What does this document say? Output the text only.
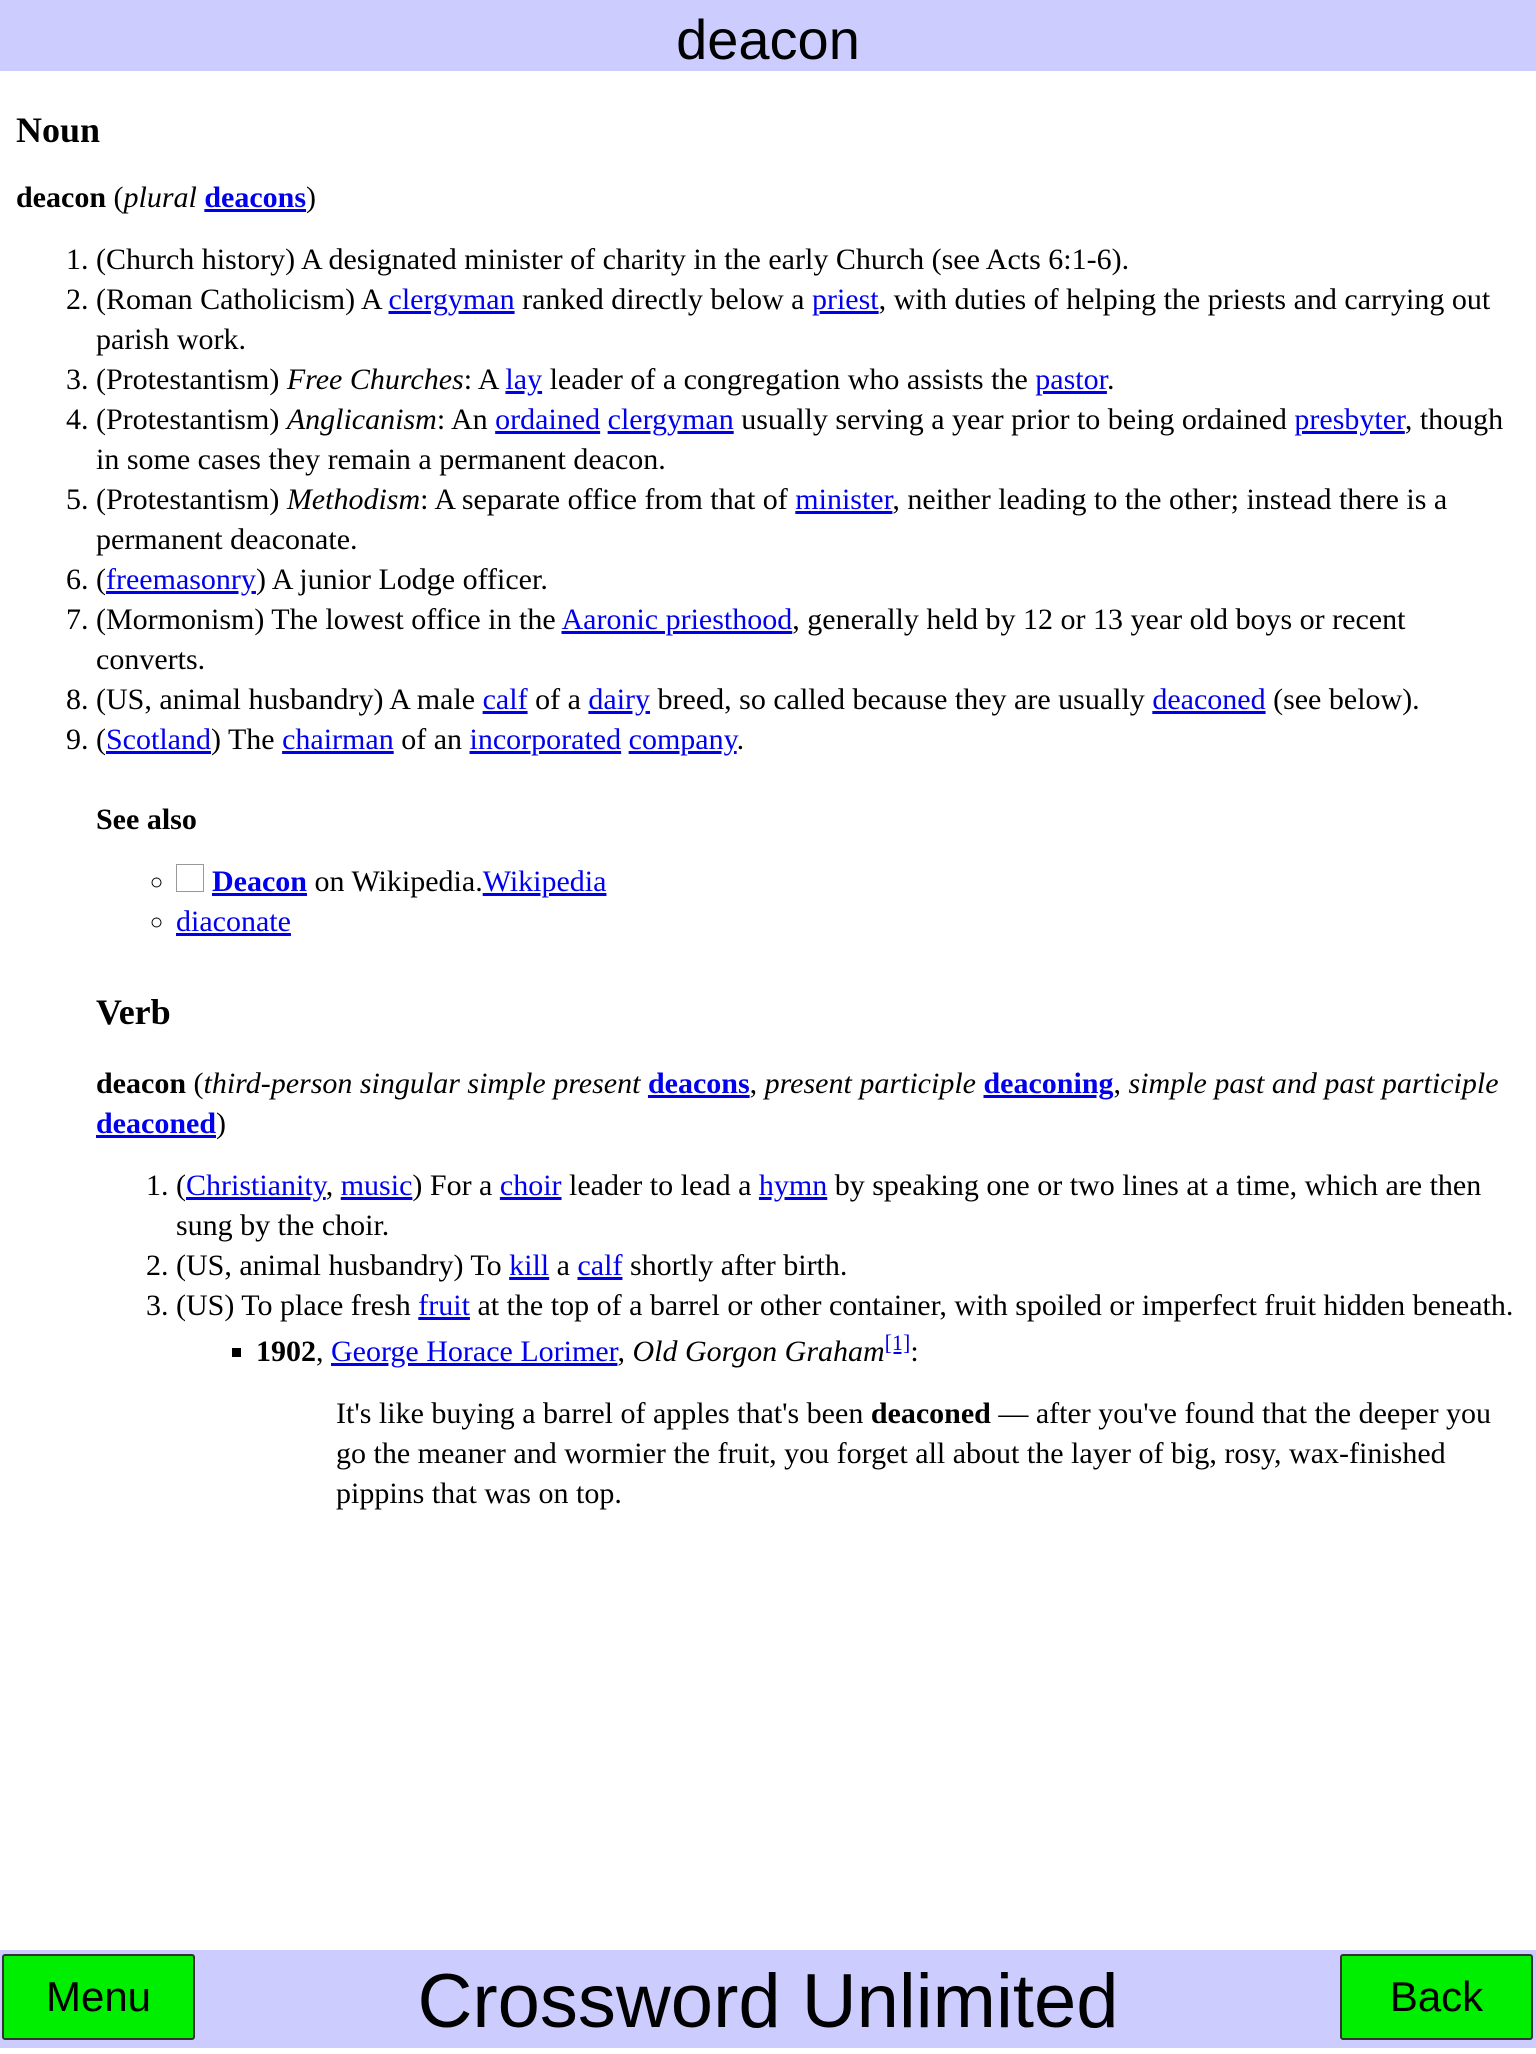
deacon
Noun

deacon (plural deacons)

1. (Church history) A designated minister of charity in the early Church (see Acts 6:1-6).
2. (Roman Catholicism) A clergyman ranked directly below a priest, with duties of helping the priests and carrying out parish work.
3. (Protestantism) Free Churches: A lay leader of a congregation who assists the pastor.
4. (Protestantism) Anglicanism: An ordained clergyman usually serving a year prior to being ordained presbyter, though in some cases they remain a permanent deacon.
5. (Protestantism) Methodism: A separate office from that of minister, neither leading to the other; instead there is a permanent deaconate.
6. (freemasonry) A junior Lodge officer.
7. (Mormonism) The lowest office in the Aaronic priesthood, generally held by 12 or 13 year old boys or recent converts.
8. (US, animal husbandry) A male calf of a dairy breed, so called because they are usually deaconed (see below).
9. (Scotland) The chairman of an incorporated company.
See also
◦ Deacon on Wikipedia.Wikipedia
◦ diaconate
Verb

deacon (third-person singular simple present deacons, present participle deaconing, simple past and past participle deaconed)

1. (Christianity, music) For a choir leader to lead a hymn by speaking one or two lines at a time, which are then sung by the choir.
2. (US, animal husbandry) To kill a calf shortly after birth.
3. (US) To place fresh fruit at the top of a barrel or other container, with spoiled or imperfect fruit hidden beneath.
▪ 1902, George Horace Lorimer, Old Gorgon Graham[1]:
It's like buying a barrel of apples that's been deaconed — after you've found that the deeper you go the meaner and wormier the fruit, you forget all about the layer of big, rosy, wax-finished pippins that was on top.
Menu	Crossword Unlimited	Back
